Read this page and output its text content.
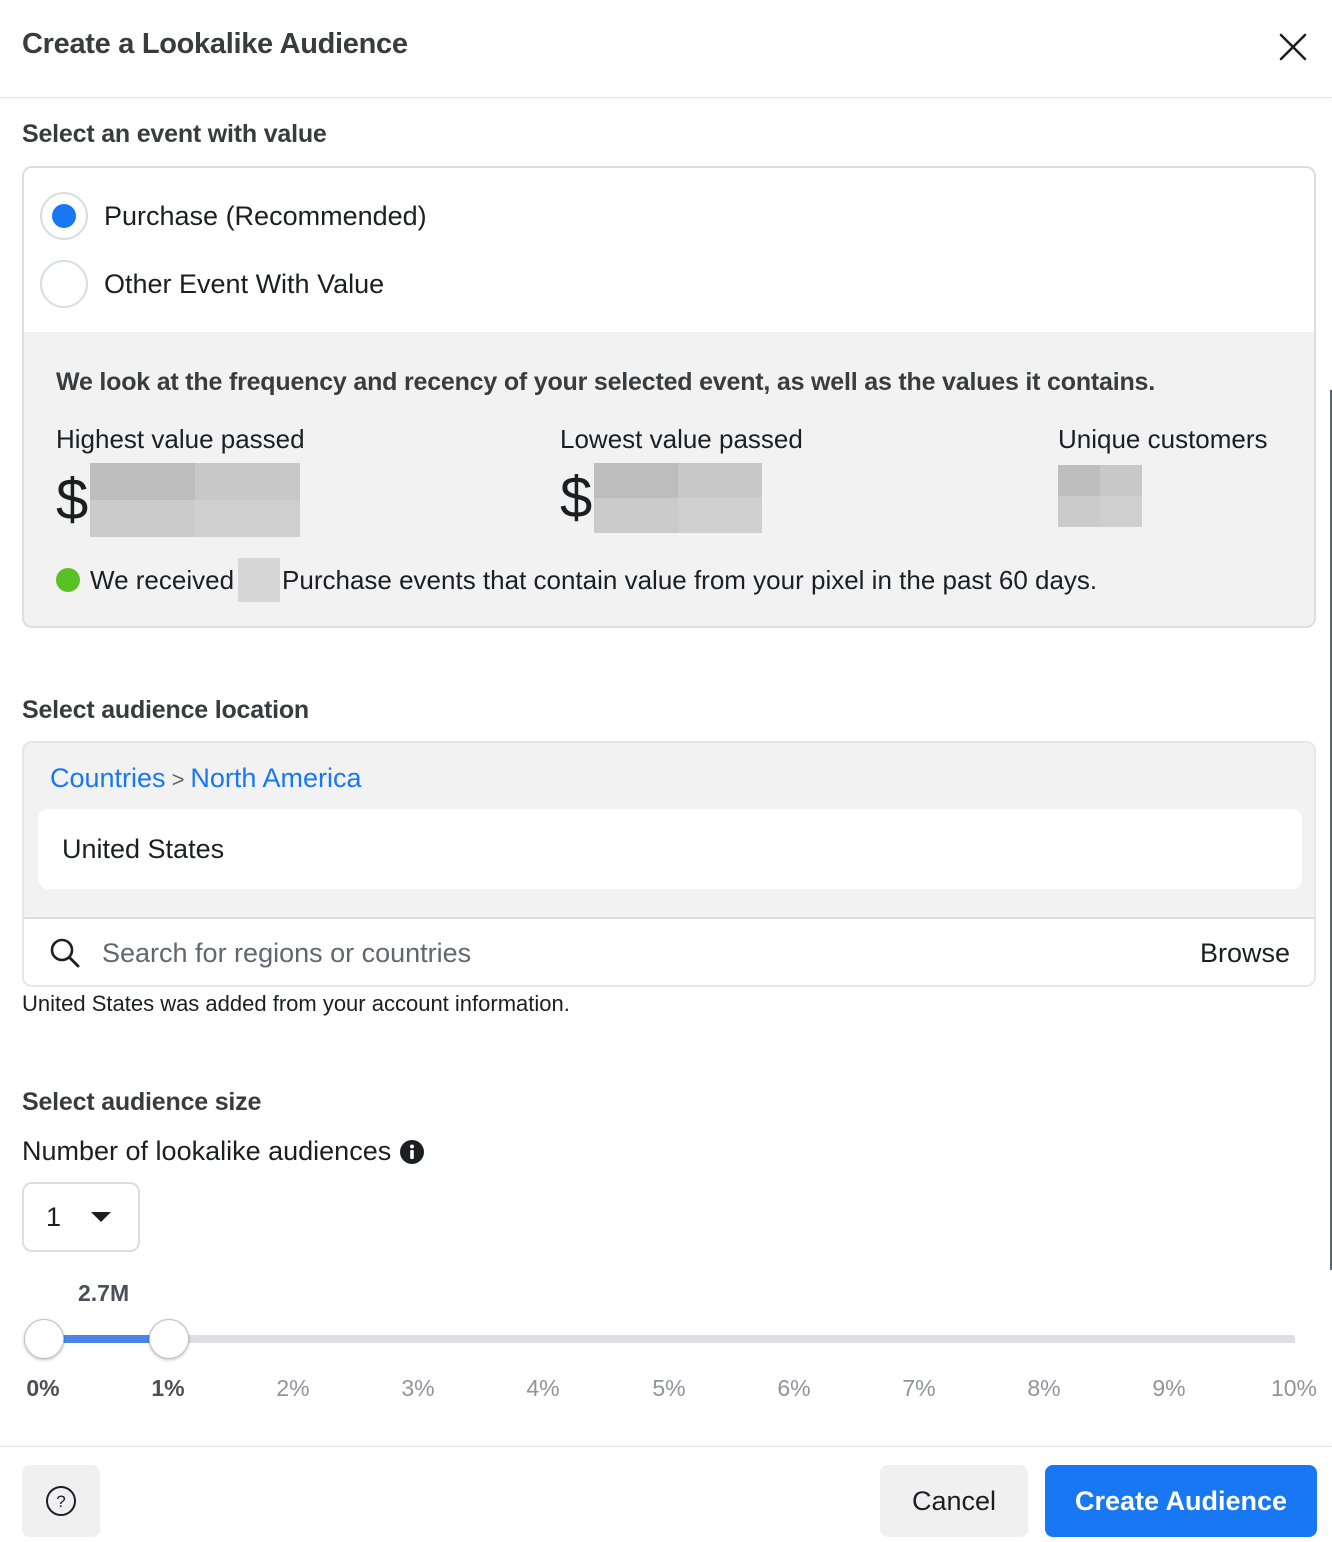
Create a Lookalike Audience
Select an event with value
Purchase (Recommended)
Other Event With Value
We look at the frequency and recency of your selected event, as well as the values it contains.
Highest value passed
$
Lowest value passed
$
Unique customers
We received Purchase events that contain value from your pixel in the past 60 days.
Select audience location
Countries > North America
United States
Search for regions or countries
Browse
United States was added from your account information.
Select audience size
Number of lookalike audiences
1
2.7M
0%	1%	2%	3%	4%	5%	6%	7%	8%	9%	10%
?	Cancel	Create Audience
